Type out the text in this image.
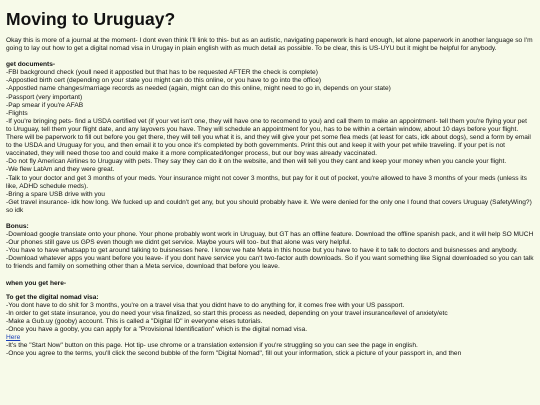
Moving to Uruguay?

Okay this is more of a journal at the moment- I dont even think I'll link to this- but as an autistic, navigating paperwork is hard enough, let alone paperwork in another language so I'm going to lay out how to get a digital nomad visa in Urugay in plain english with as much detail as possible. To be clear, this is US-UYU but it might be helpful for anybody.

get documents-

-FBI background check (youll need it appostled but that has to be requested AFTER the check is complete)

-Appostled birth cert (depending on your state you might can do this online, or you have to go into the office)

-Appostled name changes/marriage records as needed (again, might can do this online, might need to go in, depends on your state)

-Passport (very important)

-Pap smear if you're AFAB

-Flights

-If you're bringing pets- find a USDA certified vet (if your vet isn't one, they will have one to recomend to you) and call them to make an appointment- tell them you're flying your pet to Uruguay, tell them your flight date, and any layovers you have. They will schedule an appointment for you, has to be within a certain window, about 10 days before your flight. There will be paperwork to fill out before you get there, they will tell you what it is, and they will give your pet some flea meds (at least for cats, idk about dogs), send a form by email to the USDA and Uruguay for you, and then email it to you once it's completed by both governments. Print this out and keep it with your pet while traveling. If your pet is not vaccinated, they will need those too and could make it a more complicated/longer process, but our boy was already vaccinated.

-Do not fly American Airlines to Uruguay with pets. They say they can do it on the website, and then will tell you they cant and keep your money when you cancle your flight.

-We flew LatAm and they were great.

-Talk to your doctor and get 3 months of your meds. Your insurance might not cover 3 months, but pay for it out of pocket, you're allowed to have 3 months of your meds (unless its like, ADHD schedule meds).

-Bring a spare USB drive with you

-Get travel insurance- idk how long. We fucked up and couldn't get any, but you should probably have it. We were denied for the only one I found that covers Uruguay (SafetyWing?) so idk

Bonus:

-Download google translate onto your phone. Your phone probably wont work in Uruguay, but GT has an offline feature. Download the offline spanish pack, and it will help SO MUCH

-Our phones still gave us GPS even though we didnt get service. Maybe yours will too- but that alone was very helpful.

-You have to have whatsapp to get around talking to buisnesses here. I know we hate Meta in this house but you have to have it to talk to doctors and buisnesses and anybody.

-Download whatever apps you want before you leave- if you dont have service you can't two-factor auth downloads. So if you want something like Signal downloaded so you can talk to friends and family on something other than a Meta service, download that before you leave.

when you get here-

To get the digital nomad visa:

-You dont have to do shit for 3 months, you're on a travel visa that you didnt have to do anything for, it comes free with your US passport.

-In order to get state insurance, you do need your visa finalized, so start this process as needed, depending on your travel insurance/level of anxiety/etc

-Make a Gub.uy (gooby) account. This is called a "Digital ID" in everyone elses tutorials.

-Once you have a gooby, you can apply for a "Provisional Identification" which is the digital nomad visa.

Here

-It's the "Start Now" button on this page. Hot tip- use chrome or a translation extension if you're struggling so you can see the page in english.

-Once you agree to the terms, you'll click the second bubble of the form "Digital Nomad", fill out your information, stick a picture of your passport in, and then
